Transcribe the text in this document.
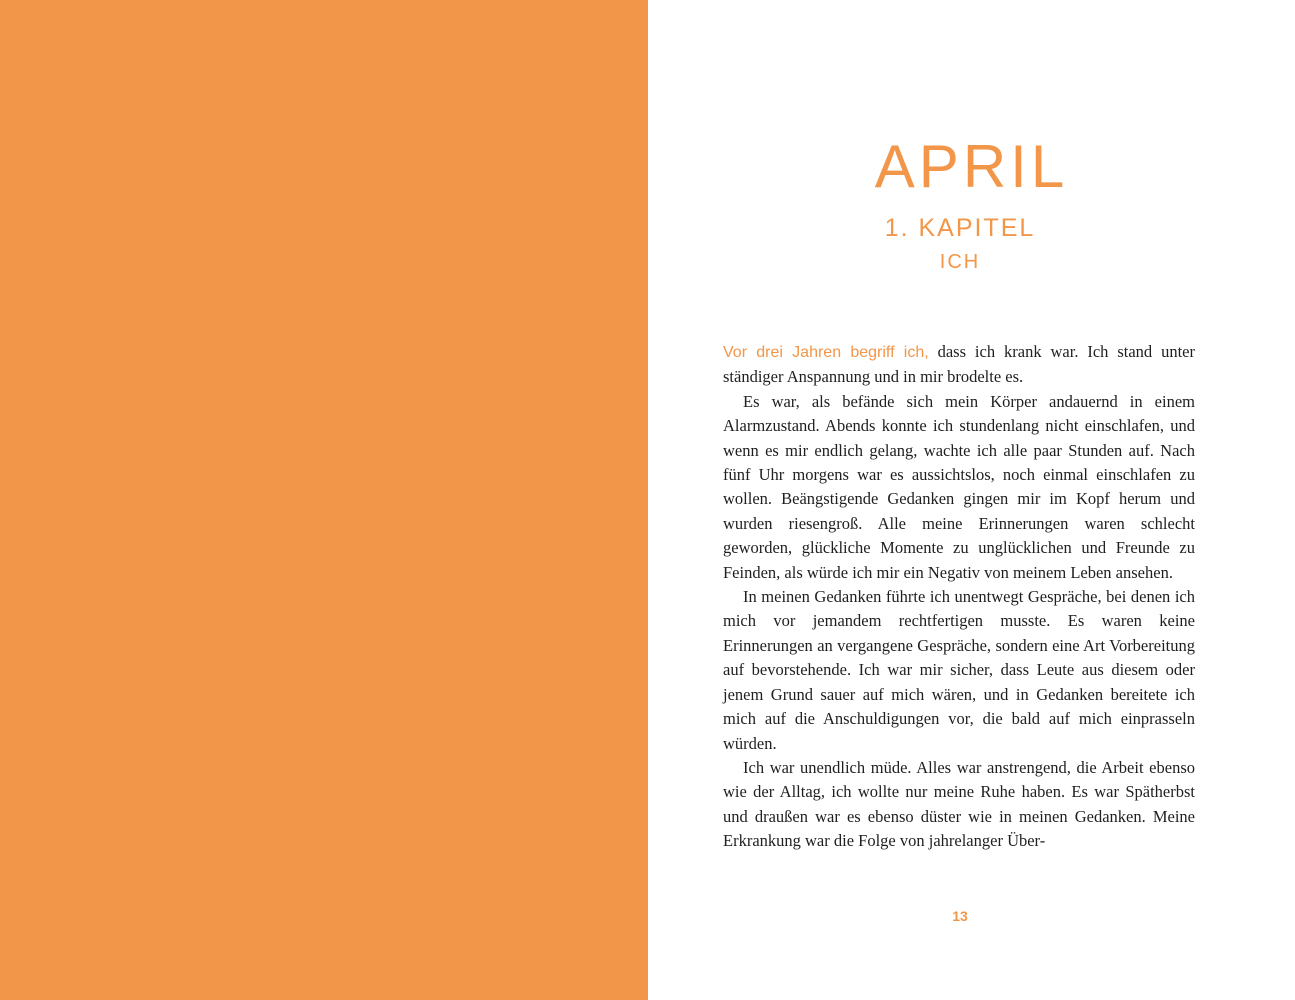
APRIL
1. KAPITEL
ICH

Vor drei Jahren begriff ich, dass ich krank war. Ich stand unter ständiger Anspannung und in mir brodelte es.

Es war, als befände sich mein Körper andauernd in einem Alarmzustand. Abends konnte ich stundenlang nicht einschlafen, und wenn es mir endlich gelang, wachte ich alle paar Stunden auf. Nach fünf Uhr morgens war es aussichtslos, noch einmal einschlafen zu wollen. Beängstigende Gedanken gingen mir im Kopf herum und wurden riesengroß. Alle meine Erinnerungen waren schlecht geworden, glückliche Momente zu unglücklichen und Freunde zu Feinden, als würde ich mir ein Negativ von meinem Leben ansehen.

In meinen Gedanken führte ich unentwegt Gespräche, bei denen ich mich vor jemandem rechtfertigen musste. Es waren keine Erinnerungen an vergangene Gespräche, sondern eine Art Vorbereitung auf bevorstehende. Ich war mir sicher, dass Leute aus diesem oder jenem Grund sauer auf mich wären, und in Gedanken bereitete ich mich auf die Anschuldigungen vor, die bald auf mich einprasseln würden.

Ich war unendlich müde. Alles war anstrengend, die Arbeit ebenso wie der Alltag, ich wollte nur meine Ruhe haben. Es war Spätherbst und draußen war es ebenso düster wie in meinen Gedanken. Meine Erkrankung war die Folge von jahrelanger Über-

13
